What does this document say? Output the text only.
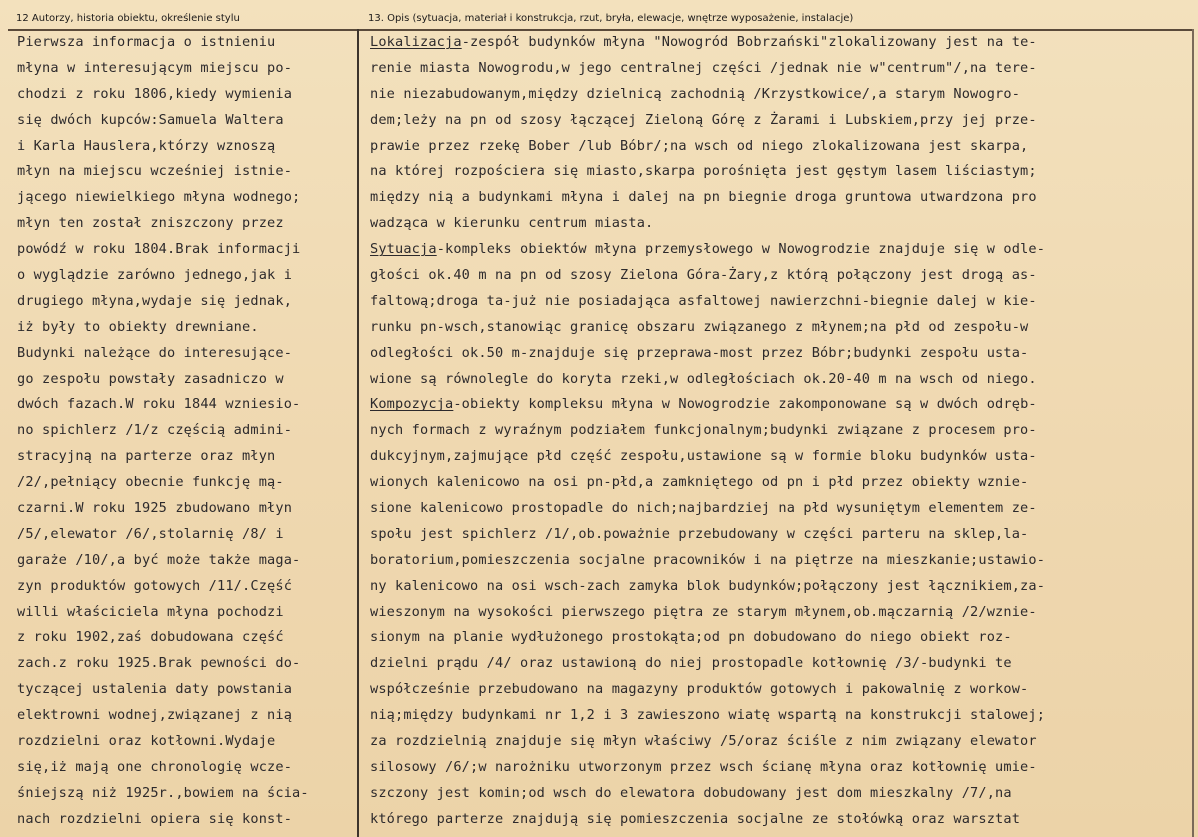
12 Autorzy, historia obiektu, określenie stylu	13. Opis (sytuacja, materiał i konstrukcja, rzut, bryła, elewacje, wnętrze wyposażenie, instalacje)
Pierwsza informacja o istnieniu
młyna w interesującym miejscu po-
chodzi z roku 1806,kiedy wymienia
się dwóch kupców:Samuela Waltera
i Karla Hauslera,którzy wznoszą
młyn na miejscu wcześniej istnie-
jącego niewielkiego młyna wodnego;
młyn ten został zniszczony przez
powódź w roku 1804.Brak informacji
o wyglądzie zarówno jednego,jak i
drugiego młyna,wydaje się jednak,
iż były to obiekty drewniane.
Budynki należące do interesujące-
go zespołu powstały zasadniczo w
dwóch fazach.W roku 1844 wzniesio-
no spichlerz /1/z częścią admini-
stracyjną na parterze oraz młyn
/2/,pełniący obecnie funkcję mą-
czarni.W roku 1925 zbudowano młyn
/5/,elewator /6/,stolarnię /8/ i
garaże /10/,a być może także maga-
zyn produktów gotowych /11/.Część
willi właściciela młyna pochodzi
z roku 1902,zaś dobudowana część
zach.z roku 1925.Brak pewności do-
tyczącej ustalenia daty powstania
elektrowni wodnej,związanej z nią
rozdzielni oraz kotłowni.Wydaje
się,iż mają one chronologię wcze-
śniejszą niż 1925r.,bowiem na ścia-
nach rozdzielni opiera się konst-
Lokalizacja-zespół budynków młyna "Nowogród Bobrzański"zlokalizowany jest na te-
renie miasta Nowogrodu,w jego centralnej części /jednak nie w"centrum"/,na tere-
nie niezabudowanym,między dzielnicą zachodnią /Krzystkowice/,a starym Nowogro-
dem;leży na pn od szosy łączącej Zieloną Górę z Żarami i Lubskiem,przy jej prze-
prawie przez rzekę Bober /lub Bóbr/;na wsch od niego zlokalizowana jest skarpa,
na której rozpościera się miasto,skarpa porośnięta jest gęstym lasem liściastym;
między nią a budynkami młyna i dalej na pn biegnie droga gruntowa utwardzona pro
wadząca w kierunku centrum miasta.
Sytuacja-kompleks obiektów młyna przemysłowego w Nowogrodzie znajduje się w odle-
głości ok.40 m na pn od szosy Zielona Góra-Żary,z którą połączony jest drogą as-
faltową;droga ta-już nie posiadająca asfaltowej nawierzchni-biegnie dalej w kie-
runku pn-wsch,stanowiąc granicę obszaru związanego z młynem;na płd od zespołu-w
odległości ok.50 m-znajduje się przeprawa-most przez Bóbr;budynki zespołu usta-
wione są równolegle do koryta rzeki,w odległościach ok.20-40 m na wsch od niego.
Kompozycja-obiekty kompleksu młyna w Nowogrodzie zakomponowane są w dwóch odręb-
nych formach z wyraźnym podziałem funkcjonalnym;budynki związane z procesem pro-
dukcyjnym,zajmujące płd część zespołu,ustawione są w formie bloku budynków usta-
wionych kalenicowo na osi pn-płd,a zamkniętego od pn i płd przez obiekty wznie-
sione kalenicowo prostopadle do nich;najbardziej na płd wysuniętym elementem ze-
społu jest spichlerz /1/,ob.poważnie przebudowany w części parteru na sklep,la-
boratorium,pomieszczenia socjalne pracowników i na piętrze na mieszkanie;ustawio-
ny kalenicowo na osi wsch-zach zamyka blok budynków;połączony jest łącznikiem,za-
wieszonym na wysokości pierwszego piętra ze starym młynem,ob.mączarnią /2/wznie-
sionym na planie wydłużonego prostokąta;od pn dobudowano do niego obiekt roz-
dzielni prądu /4/ oraz ustawioną do niej prostopadle kotłownię /3/-budynki te
współcześnie przebudowano na magazyny produktów gotowych i pakowalnię z workow-
nią;między budynkami nr 1,2 i 3 zawieszono wiatę wspartą na konstrukcji stalowej;
za rozdzielnią znajduje się młyn właściwy /5/oraz ściśle z nim związany elewator
silosowy /6/;w narożniku utworzonym przez wsch ścianę młyna oraz kotłownię umie-
szczony jest komin;od wsch do elewatora dobudowany jest dom mieszkalny /7/,na
którego parterze znajdują się pomieszczenia socjalne ze stołówką oraz warsztat
